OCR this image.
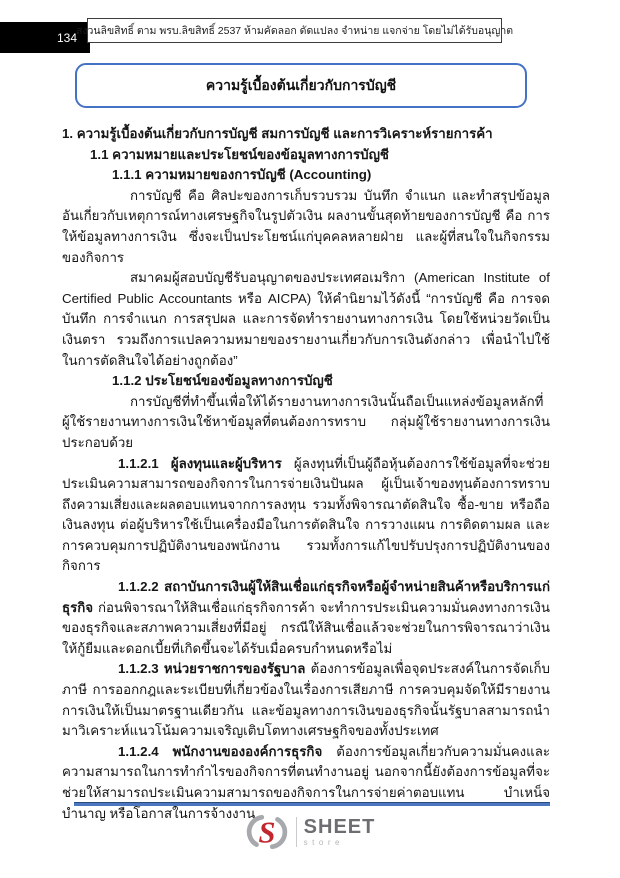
134
สงวนลิขสิทธิ์ ตาม พรบ.ลิขสิทธิ์ 2537 ห้ามคัดลอก ดัดแปลง จำหน่าย แจกจ่าย โดยไม่ได้รับอนุญาต
ความรู้เบื้องต้นเกี่ยวกับการบัญชี

1. ความรู้เบื้องต้นเกี่ยวกับการบัญชี สมการบัญชี และการวิเคราะห์รายการค้า

1.1 ความหมายและประโยชน์ของข้อมูลทางการบัญชี

1.1.1 ความหมายของการบัญชี (Accounting)

การบัญชี คือ ศิลปะของการเก็บรวบรวม บันทึก จำแนก และทำสรุปข้อมูลอันเกี่ยวกับเหตุการณ์ทางเศรษฐกิจในรูปตัวเงิน ผลงานขั้นสุดท้ายของการบัญชี คือ การให้ข้อมูลทางการเงิน ซึ่งจะเป็นประโยชน์แก่บุคคลหลายฝ่าย และผู้ที่สนใจในกิจกรรมของกิจการ

สมาคมผู้สอบบัญชีรับอนุญาตของประเทศอเมริกา (American Institute of Certified Public Accountants หรือ AICPA) ให้คำนิยามไว้ดังนี้ “การบัญชี คือ การจดบันทึก การจำแนก การสรุปผล และการจัดทำรายงานทางการเงิน โดยใช้หน่วยวัดเป็นเงินตรา รวมถึงการแปลความหมายของรายงานเกี่ยวกับการเงินดังกล่าว เพื่อนำไปใช้ในการตัดสินใจได้อย่างถูกต้อง”

1.1.2 ประโยชน์ของข้อมูลทางการบัญชี

การบัญชีที่ทำขึ้นเพื่อให้ได้รายงานทางการเงินนั้นถือเป็นแหล่งข้อมูลหลักที่ผู้ใช้รายงานทางการเงินใช้หาข้อมูลที่ตนต้องการทราบ กลุ่มผู้ใช้รายงานทางการเงินประกอบด้วย

1.1.2.1 ผู้ลงทุนและผู้บริหาร ผู้ลงทุนที่เป็นผู้ถือหุ้นต้องการใช้ข้อมูลที่จะช่วยประเมินความสามารถของกิจการในการจ่ายเงินปันผล ผู้เป็นเจ้าของทุนต้องการทราบถึงความเสี่ยงและผลตอบแทนจากการลงทุน รวมทั้งพิจารณาตัดสินใจ ซื้อ-ขาย หรือถือเงินลงทุน ต่อผู้บริหารใช้เป็นเครื่องมือในการตัดสินใจ การวางแผน การติดตามผล และการควบคุมการปฏิบัติงานของพนักงาน รวมทั้งการแก้ไขปรับปรุงการปฏิบัติงานของกิจการ

1.1.2.2 สถาบันการเงินผู้ให้สินเชื่อแก่ธุรกิจหรือผู้จำหน่ายสินค้าหรือบริการแก่ธุรกิจ ก่อนพิจารณาให้สินเชื่อแก่ธุรกิจการค้า จะทำการประเมินความมั่นคงทางการเงินของธุรกิจและสภาพความเสี่ยงที่มีอยู่ กรณีให้สินเชื่อแล้วจะช่วยในการพิจารณาว่าเงินให้กู้ยืมและดอกเบี้ยที่เกิดขึ้นจะได้รับเมื่อครบกำหนดหรือไม่

1.1.2.3 หน่วยราชการของรัฐบาล ต้องการข้อมูลเพื่อจุดประสงค์ในการจัดเก็บภาษี การออกกฎและระเบียบที่เกี่ยวข้องในเรื่องการเสียภาษี การควบคุมจัดให้มีรายงานการเงินให้เป็นมาตรฐานเดียวกัน และข้อมูลทางการเงินของธุรกิจนั้นรัฐบาลสามารถนำมาวิเคราะห์แนวโน้มความเจริญเติบโตทางเศรษฐกิจของทั้งประเทศ

1.1.2.4 พนักงานขององค์การธุรกิจ ต้องการข้อมูลเกี่ยวกับความมั่นคงและความสามารถในการทำกำไรของกิจการที่ตนทำงานอยู่ นอกจากนี้ยังต้องการข้อมูลที่จะช่วยให้สามารถประเมินความสามารถของกิจการในการจ่ายค่าตอบแทน บำเหน็จบำนาญ หรือโอกาสในการจ้างงาน

S SHEET
store
